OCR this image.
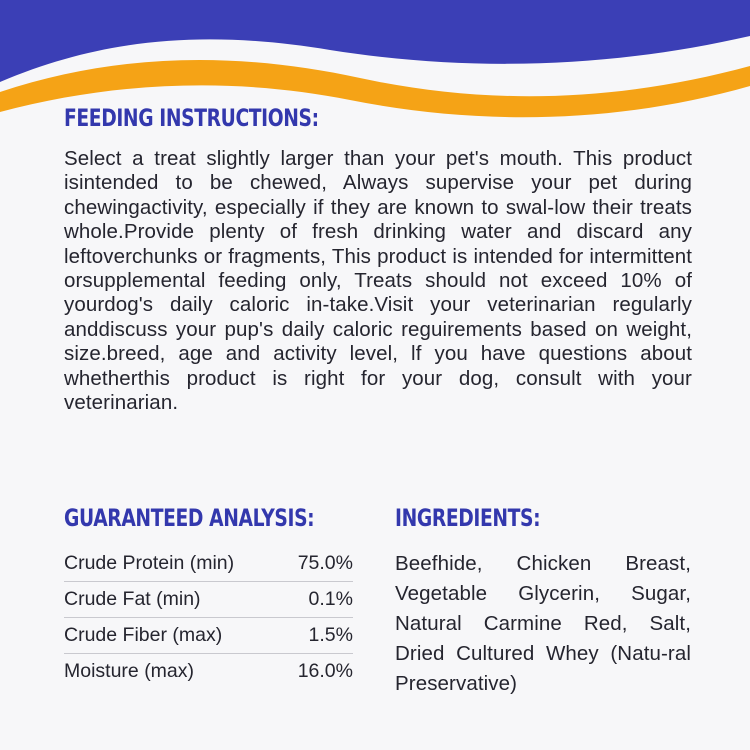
FEEDING INSTRUCTIONS:

Select a treat slightly larger than your pet's mouth. This product isintended to be chewed, Always supervise your pet during chewingactivity, especially if they are known to swal-low their treats whole.Provide plenty of fresh drinking water and discard any leftoverchunks or fragments, This product is intended for intermittent orsupplemental feeding only, Treats should not exceed 10% of yourdog's daily caloric in-take.Visit your veterinarian regularly anddiscuss your pup's daily caloric reguirements based on weight, size.breed, age and activity level, lf you have questions about whetherthis product is right for your dog, consult with your veterinarian.

GUARANTEED ANALYSIS:
Crude Protein (min)	75.0%
Crude Fat (min)	0.1%
Crude Fiber (max)	1.5%
Moisture (max)	16.0%
INGREDIENTS:

Beefhide, Chicken Breast, Vegetable Glycerin, Sugar, Natural Carmine Red, Salt, Dried Cultured Whey (Natu-ral Preservative)
